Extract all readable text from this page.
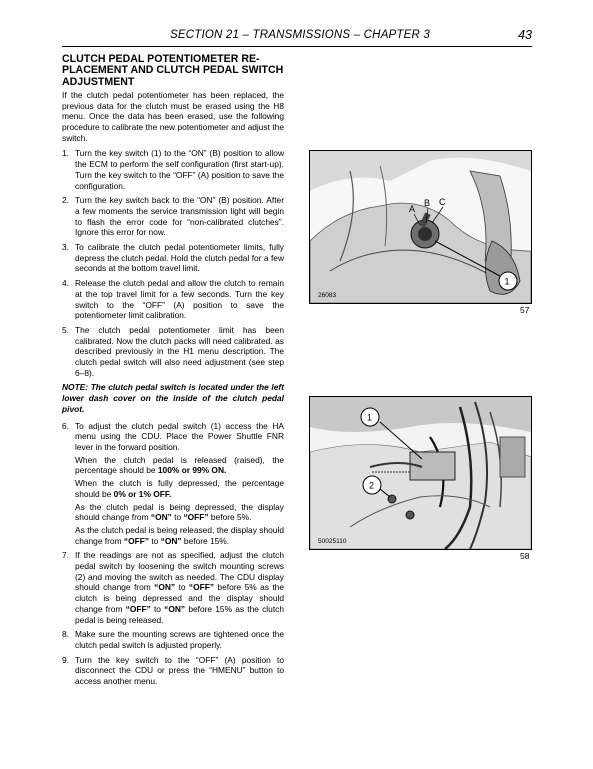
SECTION 21 – TRANSMISSIONS – CHAPTER 3	43
CLUTCH PEDAL POTENTIOMETER RE-PLACEMENT AND CLUTCH PEDAL SWITCH ADJUSTMENT
If the clutch pedal potentiometer has been replaced, the previous data for the clutch must be erased using the H8 menu. Once the data has been erased, use the following procedure to calibrate the new potentiometer and adjust the switch.
1. Turn the key switch (1) to the “ON” (B) position to allow the ECM to perform the self configuration (first start-up). Turn the key switch to the “OFF” (A) position to save the configuration.
2. Turn the key switch back to the “ON” (B) position. After a few moments the service transmission light will begin to flash the error code for “non-calibrated clutches”. Ignore this error for now.
3. To calibrate the clutch pedal potentiometer limits, fully depress the clutch pedal. Hold the clutch pedal for a few seconds at the bottom travel limit.
4. Release the clutch pedal and allow the clutch to remain at the top travel limit for a few seconds. Turn the key switch to the “OFF” (A) position to save the potentiometer limit calibration.
5. The clutch pedal potentiometer limit has been calibrated. Now the clutch packs will need calibrated. as described previously in the H1 menu description. The clutch pedal switch will also need adjustment (see step 6–8).
NOTE: The clutch pedal switch is located under the left lower dash cover on the inside of the clutch pedal pivot.
6. To adjust the clutch pedal switch (1) access the HA menu using the CDU. Place the Power Shuttle FNR lever in the forward position.
When the clutch pedal is released (raised), the percentage should be 100% or 99% ON.
When the clutch is fully depressed, the percentage should be 0% or 1% OFF.
As the clutch pedal is being depressed, the display should change from “ON” to “OFF” before 5%.
As the clutch pedal is being released, the display should change from “OFF” to “ON” before 15%.
7. If the readings are not as specified, adjust the clutch pedal switch by loosening the switch mounting screws (2) and moving the switch as needed. The CDU display should change from “ON” to “OFF” before 5% as the clutch is being depressed and the display should change from “OFF” to “ON” before 15% as the clutch pedal is being released.
8. Make sure the mounting screws are tightened once the clutch pedal switch is adjusted properly.
9. Turn the key switch to the “OFF” (A) position to disconnect the CDU or press the “HMENU” button to access another menu.
A
B C
1
26083
57
1
2
50025110
58
